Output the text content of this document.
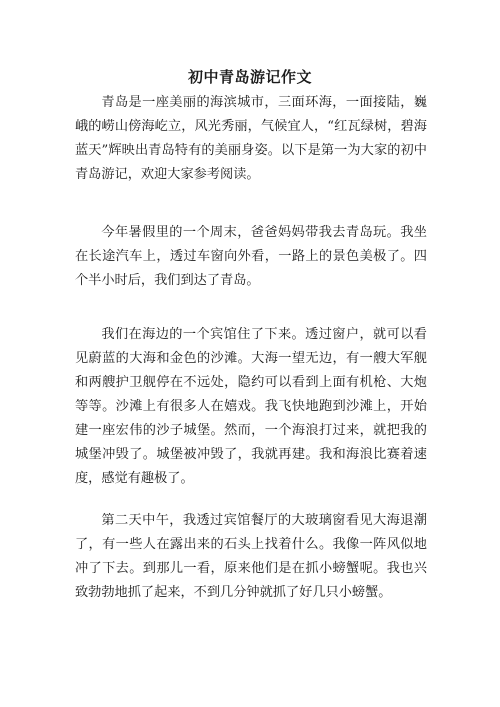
初中青岛游记作文

青岛是一座美丽的海滨城市，三面环海，一面接陆，巍峨的崂山傍海屹立，风光秀丽，气候宜人，“红瓦绿树，碧海蓝天”辉映出青岛特有的美丽身姿。以下是第一为大家的初中青岛游记，欢迎大家参考阅读。

今年暑假里的一个周末，爸爸妈妈带我去青岛玩。我坐在长途汽车上，透过车窗向外看，一路上的景色美极了。四个半小时后，我们到达了青岛。

我们在海边的一个宾馆住了下来。透过窗户，就可以看见蔚蓝的大海和金色的沙滩。大海一望无边，有一艘大军舰和两艘护卫舰停在不远处，隐约可以看到上面有机枪、大炮等等。沙滩上有很多人在嬉戏。我飞快地跑到沙滩上，开始建一座宏伟的沙子城堡。然而，一个海浪打过来，就把我的城堡冲毁了。城堡被冲毁了，我就再建。我和海浪比赛着速度，感觉有趣极了。

第二天中午，我透过宾馆餐厅的大玻璃窗看见大海退潮了，有一些人在露出来的石头上找着什么。我像一阵风似地冲了下去。到那儿一看，原来他们是在抓小螃蟹呢。我也兴致勃勃地抓了起来，不到几分钟就抓了好几只小螃蟹。
